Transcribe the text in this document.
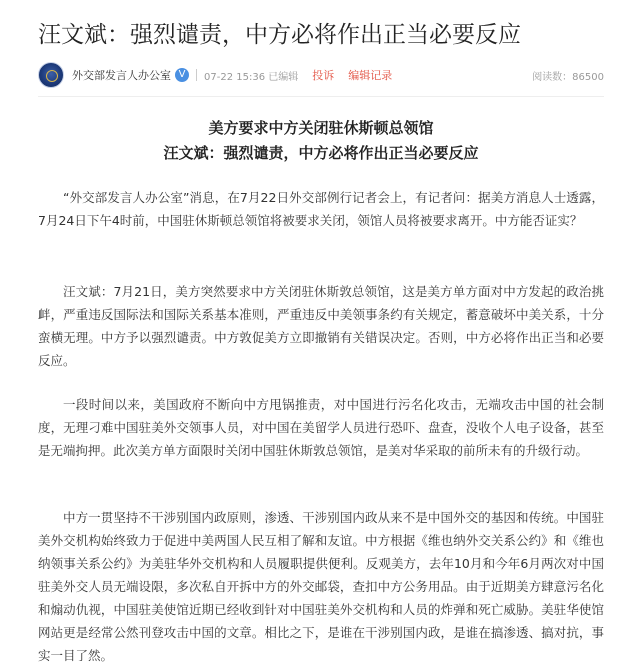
汪文斌：强烈谴责，中方必将作出正当必要反应
外交部发言人办公室 V	07-22 15:36 已编辑 投诉 编辑记录	阅读数：86500
美方要求中方关闭驻休斯顿总领馆
汪文斌：强烈谴责，中方必将作出正当必要反应

“外交部发言人办公室”消息，在7月22日外交部例行记者会上，有记者问：据美方消息人士透露，7月24日下午4时前，中国驻休斯顿总领馆将被要求关闭，领馆人员将被要求离开。中方能否证实？

汪文斌：7月21日，美方突然要求中方关闭驻休斯敦总领馆，这是美方单方面对中方发起的政治挑衅，严重违反国际法和国际关系基本准则，严重违反中美领事条约有关规定，蓄意破坏中美关系，十分蛮横无理。中方予以强烈谴责。中方敦促美方立即撤销有关错误决定。否则，中方必将作出正当和必要反应。

一段时间以来，美国政府不断向中方甩锅推责，对中国进行污名化攻击，无端攻击中国的社会制度，无理刁难中国驻美外交领事人员，对中国在美留学人员进行恐吓、盘查，没收个人电子设备，甚至是无端拘押。此次美方单方面限时关闭中国驻休斯敦总领馆，是美对华采取的前所未有的升级行动。

中方一贯坚持不干涉别国内政原则，渗透、干涉别国内政从来不是中国外交的基因和传统。中国驻美外交机构始终致力于促进中美两国人民互相了解和友谊。中方根据《维也纳外交关系公约》和《维也纳领事关系公约》为美驻华外交机构和人员履职提供便利。反观美方，去年10月和今年6月两次对中国驻美外交人员无端设限，多次私自开拆中方的外交邮袋，查扣中方公务用品。由于近期美方肆意污名化和煽动仇视，中国驻美使馆近期已经收到针对中国驻美外交机构和人员的炸弹和死亡威胁。美驻华使馆网站更是经常公然刊登攻击中国的文章。相比之下，是谁在干涉别国内政，是谁在搞渗透、搞对抗，事实一目了然。
